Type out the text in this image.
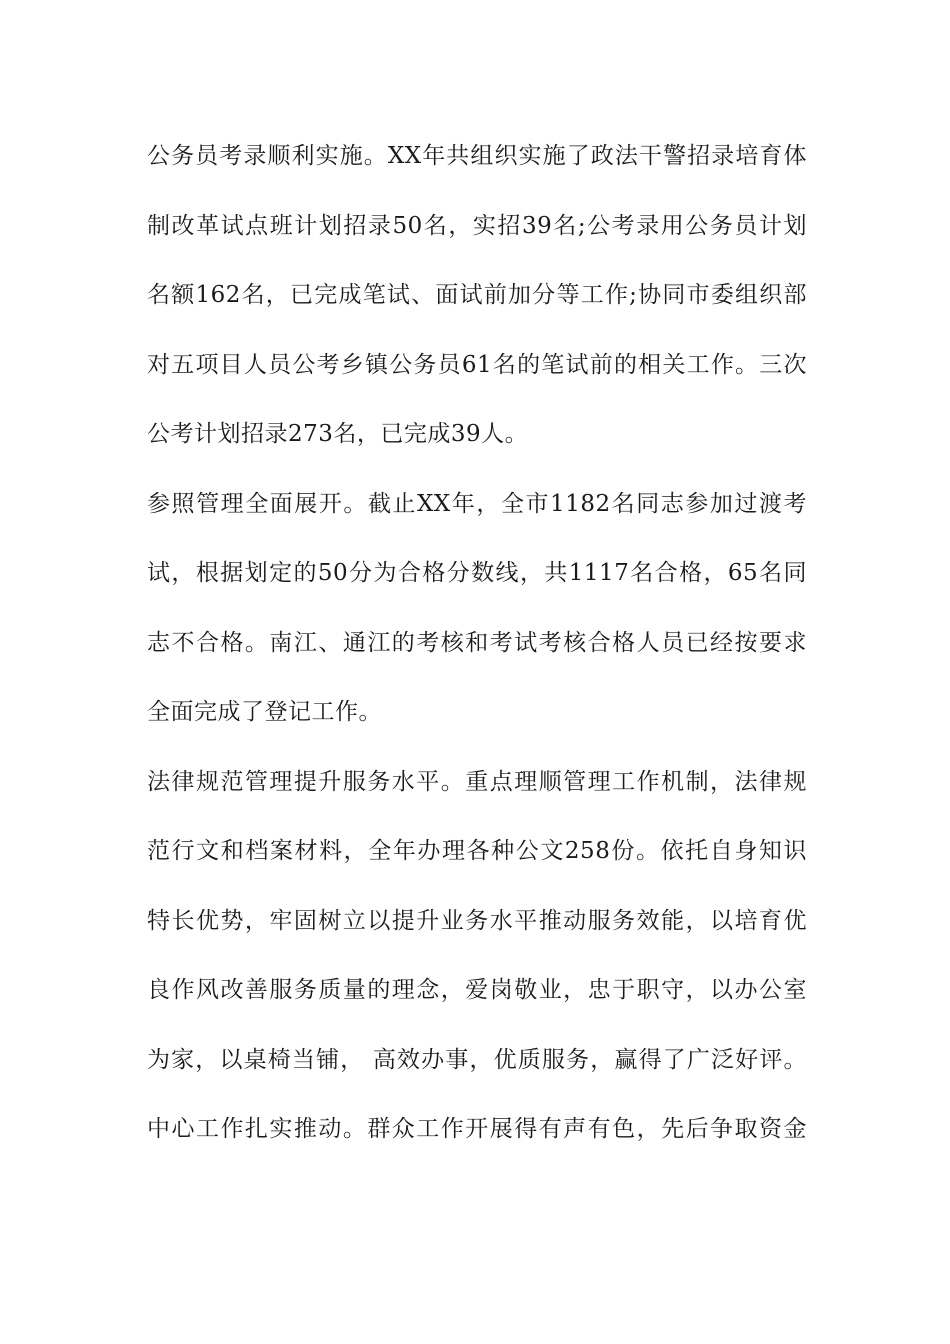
公务员考录顺利实施。XX年共组织实施了政法干警招录培育体
制改革试点班计划招录50名，实招39名;公考录用公务员计划
名额162名，已完成笔试、面试前加分等工作;协同市委组织部
对五项目人员公考乡镇公务员61名的笔试前的相关工作。三次
公考计划招录273名，已完成39人。
参照管理全面展开。截止XX年，全市1182名同志参加过渡考
试，根据划定的50分为合格分数线，共1117名合格，65名同
志不合格。南江、通江的考核和考试考核合格人员已经按要求
全面完成了登记工作。
法律规范管理提升服务水平。重点理顺管理工作机制，法律规
范行文和档案材料，全年办理各种公文258份。依托自身知识
特长优势，牢固树立以提升业务水平推动服务效能，以培育优
良作风改善服务质量的理念，爱岗敬业，忠于职守，以办公室
为家，以桌椅当铺， 高效办事，优质服务，赢得了广泛好评。
中心工作扎实推动。群众工作开展得有声有色，先后争取资金
